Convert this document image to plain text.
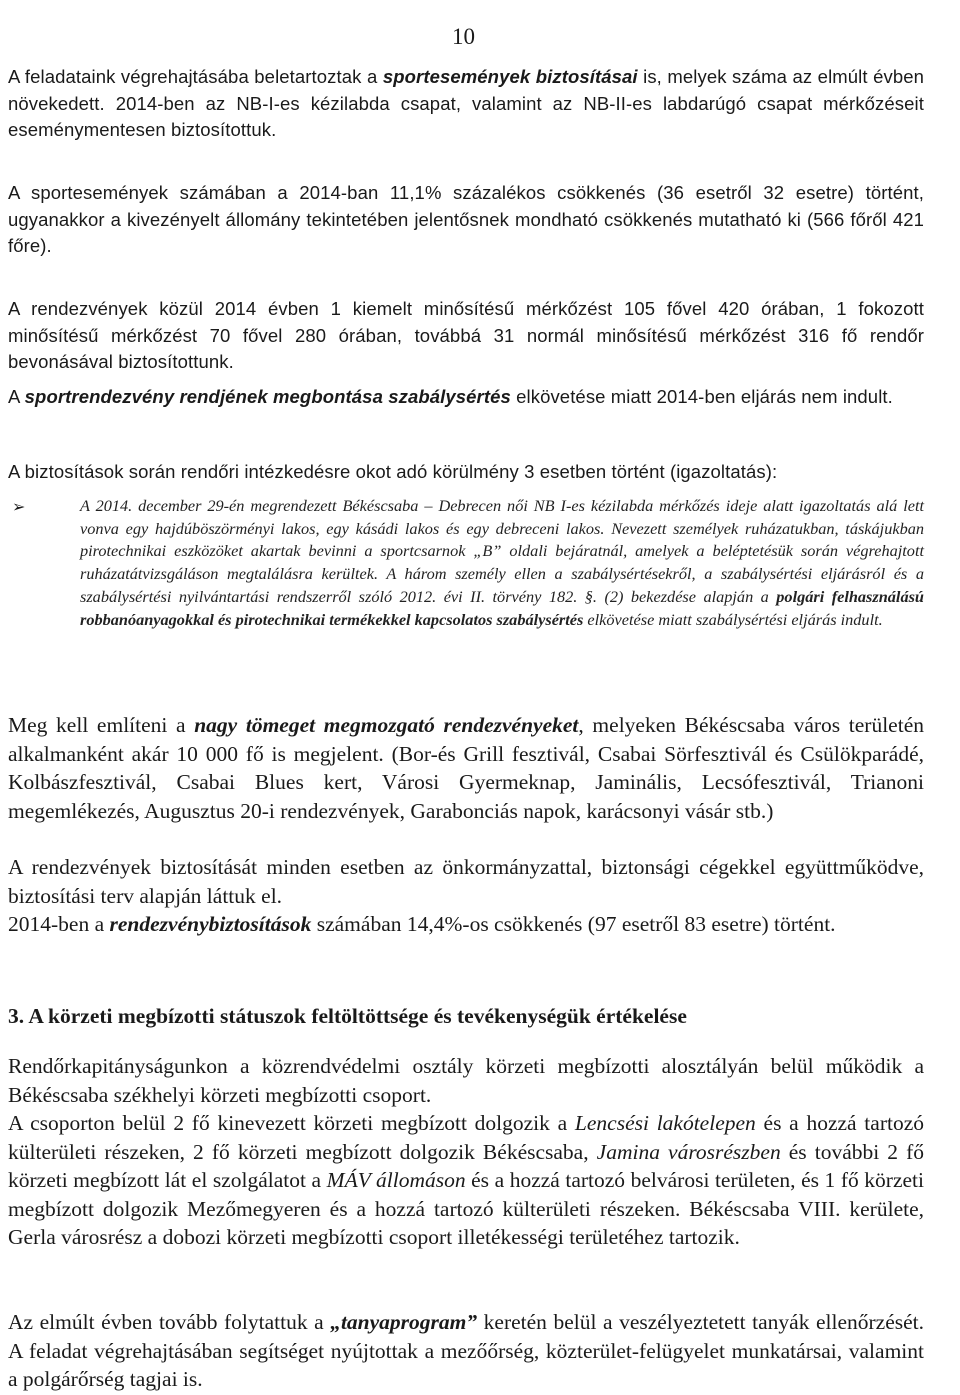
10

A feladataink végrehajtásába beletartoztak a sportesemények biztosításai is, melyek száma az elmúlt évben növekedett. 2014-ben az NB-I-es kézilabda csapat, valamint az NB-II-es labdarúgó csapat mérkőzéseit eseménymentesen biztosítottuk.

A sportesemények számában a 2014-ban 11,1% százalékos csökkenés (36 esetről 32 esetre) történt, ugyanakkor a kivezényelt állomány tekintetében jelentősnek mondható csökkenés mutatható ki (566 főről 421 főre).

A rendezvények közül 2014 évben 1 kiemelt minősítésű mérkőzést 105 fővel 420 órában, 1 fokozott minősítésű mérkőzést 70 fővel 280 órában, továbbá 31 normál minősítésű mérkőzést 316 fő rendőr bevonásával biztosítottunk.

A sportrendezvény rendjének megbontása szabálysértés elkövetése miatt 2014-ben eljárás nem indult.

A biztosítások során rendőri intézkedésre okot adó körülmény 3 esetben történt (igazoltatás):

➢	A 2014. december 29-én megrendezett Békéscsaba – Debrecen női NB I-es kézilabda mérkőzés ideje alatt igazoltatás alá lett vonva egy hajdúböszörményi lakos, egy kásádi lakos és egy debreceni lakos. Nevezett személyek ruházatukban, táskájukban pirotechnikai eszközöket akartak bevinni a sportcsarnok „B” oldali bejáratnál, amelyek a beléptetésük során végrehajtott ruházatátvizsgáláson megtalálásra kerültek. A három személy ellen a szabálysértésekről, a szabálysértési eljárásról és a szabálysértési nyilvántartási rendszerről szóló 2012. évi II. törvény 182. §. (2) bekezdése alapján a polgári felhasználású robbanóanyagokkal és pirotechnikai termékekkel kapcsolatos szabálysértés elkövetése miatt szabálysértési eljárás indult.

Meg kell említeni a nagy tömeget megmozgató rendezvényeket, melyeken Békéscsaba város területén alkalmanként akár 10 000 fő is megjelent. (Bor-és Grill fesztivál, Csabai Sörfesztivál és Csülökparádé, Kolbászfesztivál, Csabai Blues kert, Városi Gyermeknap, Jaminális, Lecsófesztivál, Trianoni megemlékezés, Augusztus 20-i rendezvények, Garabonciás napok, karácsonyi vásár stb.)

A rendezvények biztosítását minden esetben az önkormányzattal, biztonsági cégekkel együttműködve, biztosítási terv alapján láttuk el.

2014-ben a rendezvénybiztosítások számában 14,4%-os csökkenés (97 esetről 83 esetre) történt.

3. A körzeti megbízotti státuszok feltöltöttsége és tevékenységük értékelése

Rendőrkapitányságunkon a közrendvédelmi osztály körzeti megbízotti alosztályán belül működik a Békéscsaba székhelyi körzeti megbízotti csoport.

A csoporton belül 2 fő kinevezett körzeti megbízott dolgozik a Lencsési lakótelepen és a hozzá tartozó külterületi részeken, 2 fő körzeti megbízott dolgozik Békéscsaba, Jamina városrészben és további 2 fő körzeti megbízott lát el szolgálatot a MÁV állomáson és a hozzá tartozó belvárosi területen, és 1 fő körzeti megbízott dolgozik Mezőmegyeren és a hozzá tartozó külterületi részeken. Békéscsaba VIII. kerülete, Gerla városrész a dobozi körzeti megbízotti csoport illetékességi területéhez tartozik.

Az elmúlt évben tovább folytattuk a „tanyaprogram” keretén belül a veszélyeztetett tanyák ellenőrzését. A feladat végrehajtásában segítséget nyújtottak a mezőőrség, közterület-felügyelet munkatársai, valamint a polgárőrség tagjai is.
